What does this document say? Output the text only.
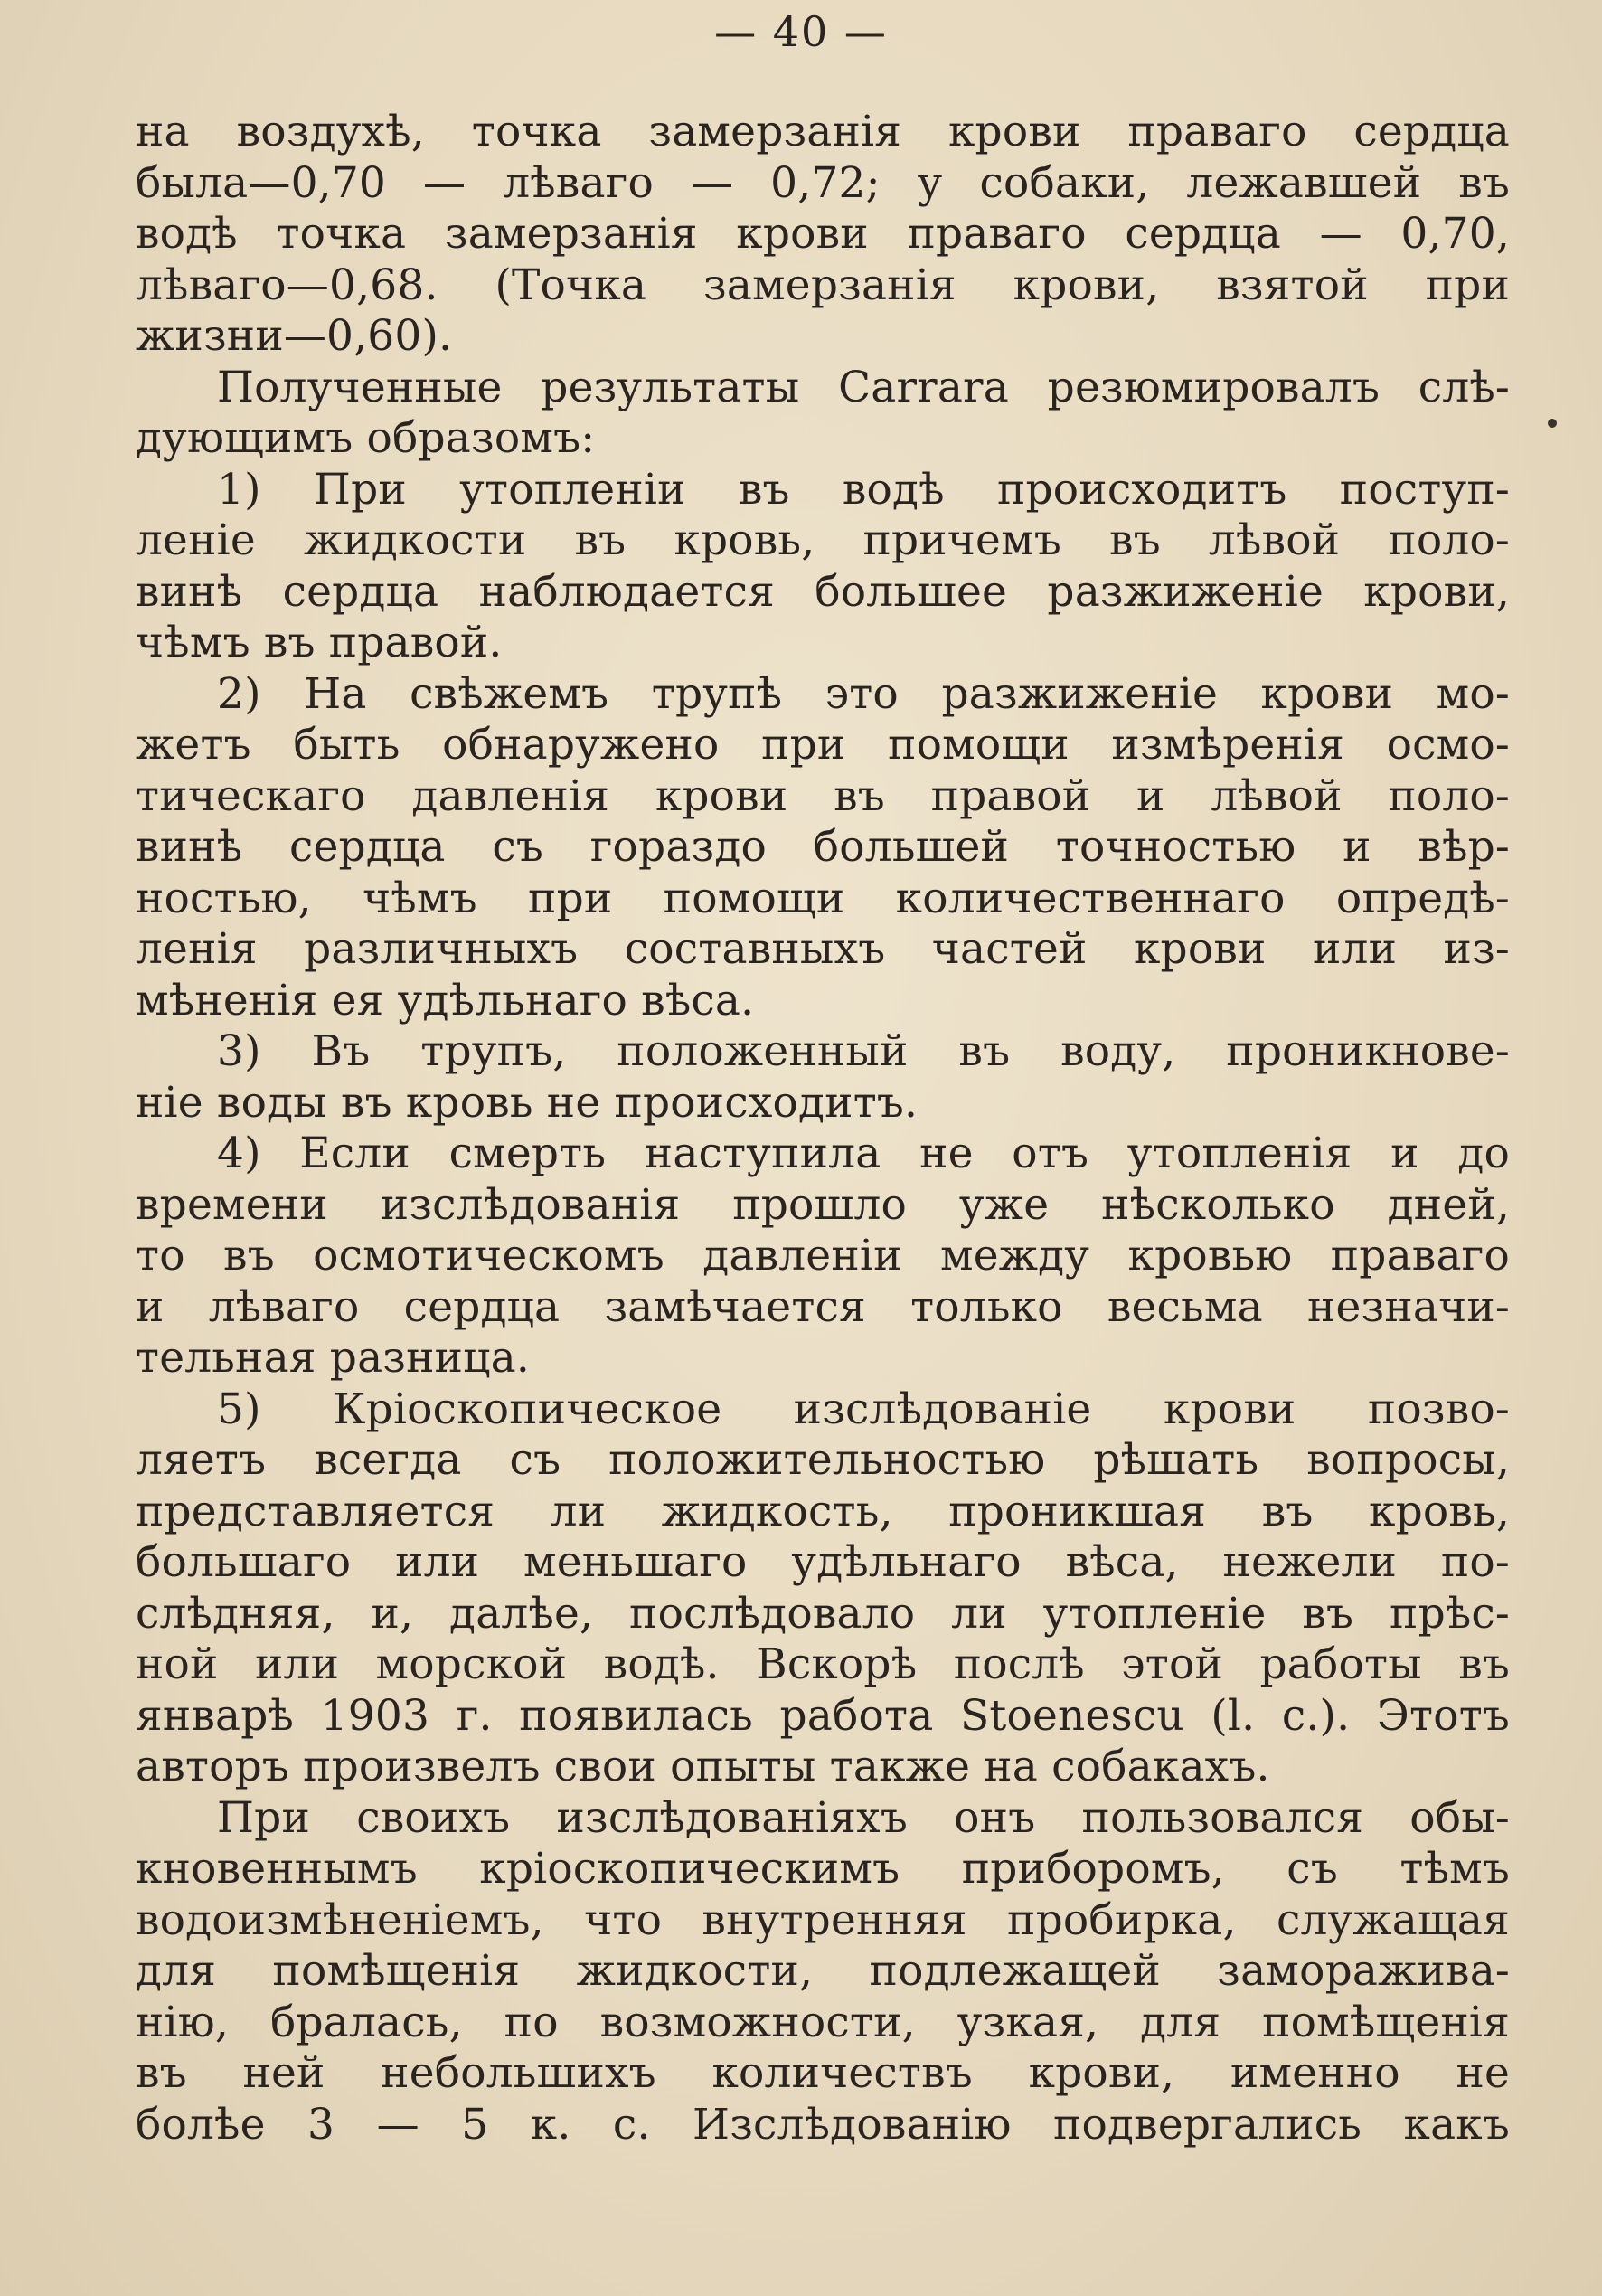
— 40 —
на воздухѣ, точка замерзанія крови праваго сердца
была—0,70 — лѣваго — 0,72; у собаки, лежавшей въ
водѣ точка замерзанія крови праваго сердца — 0,70,
лѣваго—0,68. (Точка замерзанія крови, взятой при
жизни—0,60).
Полученные результаты Carrara резюмировалъ слѣ-
дующимъ образомъ:
1) При утопленіи въ водѣ происходитъ поступ-
леніе жидкости въ кровь, причемъ въ лѣвой поло-
винѣ сердца наблюдается большее разжиженіе крови,
чѣмъ въ правой.
2) На свѣжемъ трупѣ это разжиженіе крови мо-
жетъ быть обнаружено при помощи измѣренія осмо-
тическаго давленія крови въ правой и лѣвой поло-
винѣ сердца съ гораздо большей точностью и вѣр-
ностью, чѣмъ при помощи количественнаго опредѣ-
ленія различныхъ составныхъ частей крови или из-
мѣненія ея удѣльнаго вѣса.
3) Въ трупъ, положенный въ воду, проникнове-
ніе воды въ кровь не происходитъ.
4) Если смерть наступила не отъ утопленія и до
времени изслѣдованія прошло уже нѣсколько дней,
то въ осмотическомъ давленіи между кровью праваго
и лѣваго сердца замѣчается только весьма незначи-
тельная разница.
5) Кріоскопическое изслѣдованіе крови позво-
ляетъ всегда съ положительностью рѣшать вопросы,
представляется ли жидкость, проникшая въ кровь,
большаго или меньшаго удѣльнаго вѣса, нежели по-
слѣдняя, и, далѣе, послѣдовало ли утопленіе въ прѣс-
ной или морской водѣ. Вскорѣ послѣ этой работы въ
январѣ 1903 г. появилась работа Stoenescu (l. c.). Этотъ
авторъ произвелъ свои опыты также на собакахъ.
При своихъ изслѣдованіяхъ онъ пользовался обы-
кновеннымъ кріоскопическимъ приборомъ, съ тѣмъ
водоизмѣненіемъ, что внутренняя пробирка, служащая
для помѣщенія жидкости, подлежащей заморажива-
нію, бралась, по возможности, узкая, для помѣщенія
въ ней небольшихъ количествъ крови, именно не
болѣе 3 — 5 к. с. Изслѣдованію подвергались какъ
